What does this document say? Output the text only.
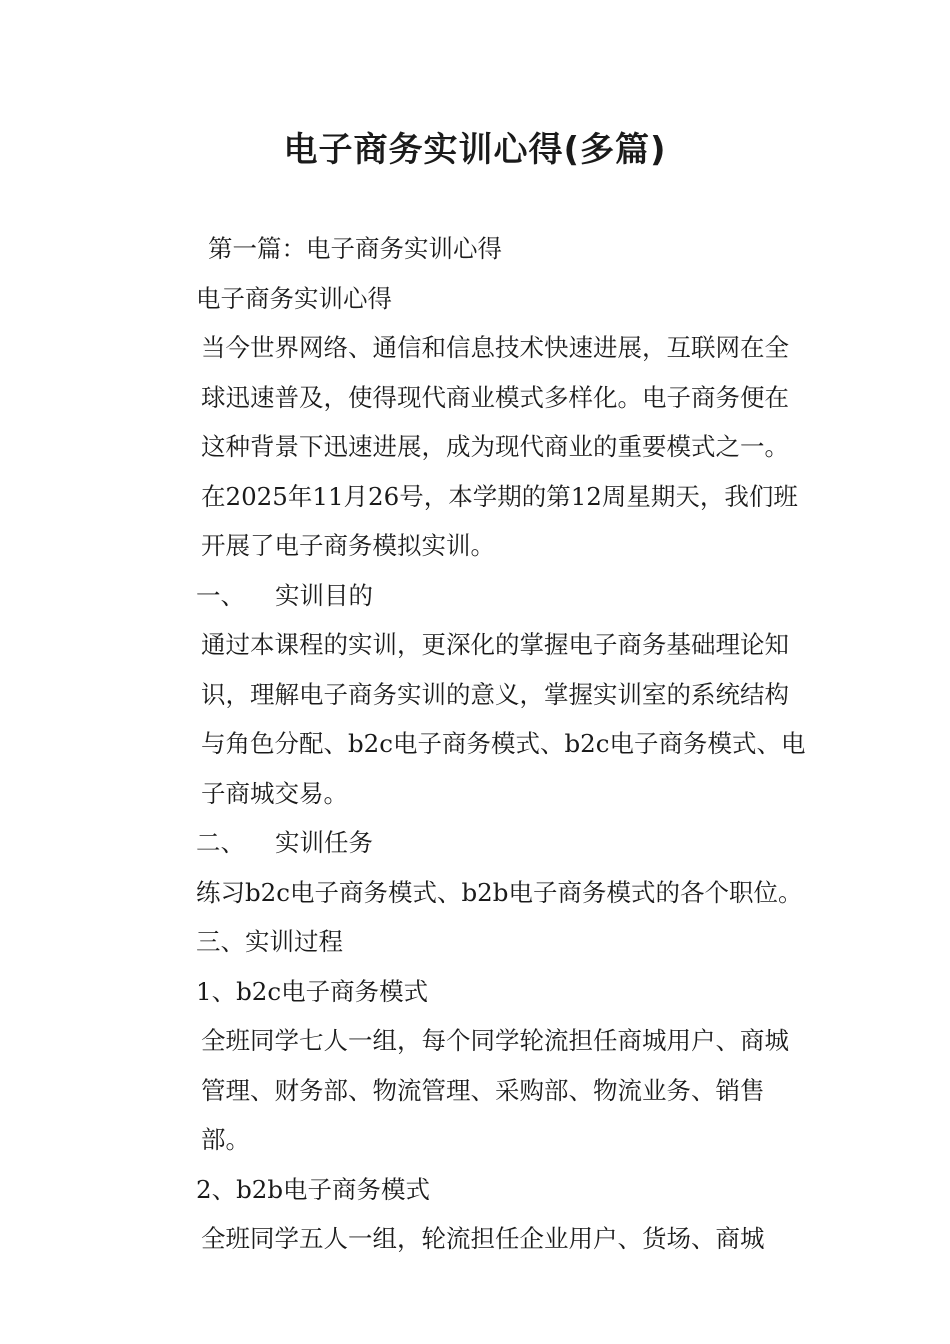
电子商务实训心得(多篇)

第一篇：电子商务实训心得

电子商务实训心得

当今世界网络、通信和信息技术快速进展，互联网在全球迅速普及，使得现代商业模式多样化。电子商务便在这种背景下迅速进展，成为现代商业的重要模式之一。在2025年11月26号，本学期的第12周星期天，我们班开展了电子商务模拟实训。

一、 实训目的

通过本课程的实训，更深化的掌握电子商务基础理论知识，理解电子商务实训的意义，掌握实训室的系统结构与角色分配、b2c电子商务模式、b2c电子商务模式、电子商城交易。

二、 实训任务

练习b2c电子商务模式、b2b电子商务模式的各个职位。

三、实训过程

1、b2c电子商务模式

全班同学七人一组，每个同学轮流担任商城用户、商城管理、财务部、物流管理、采购部、物流业务、销售部。

2、b2b电子商务模式

全班同学五人一组，轮流担任企业用户、货场、商城
